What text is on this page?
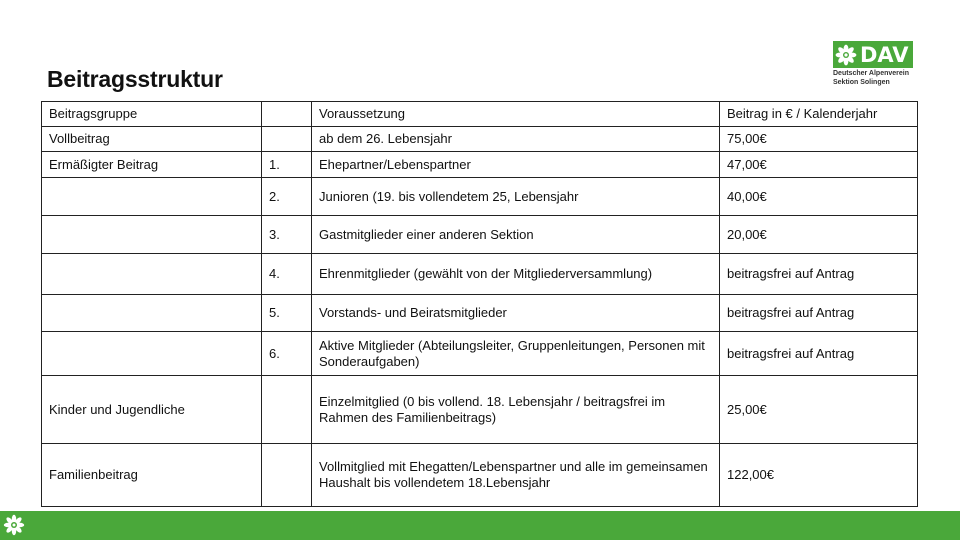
Beitragsstruktur
DAV
Deutscher Alpenverein
Sektion Solingen
Beitragsgruppe		Voraussetzung	Beitrag in € / Kalenderjahr
Vollbeitrag		ab dem 26. Lebensjahr	75,00€
Ermäßigter Beitrag	1.	Ehepartner/Lebenspartner	47,00€
	2.	Junioren (19. bis vollendetem 25, Lebensjahr	40,00€
	3.	Gastmitglieder einer anderen Sektion	20,00€
	4.	Ehrenmitglieder (gewählt von der Mitgliederversammlung)	beitragsfrei auf Antrag
	5.	Vorstands- und Beiratsmitglieder	beitragsfrei auf Antrag
	6.	Aktive Mitglieder (Abteilungsleiter, Gruppenleitungen, Personen mit Sonderaufgaben)	beitragsfrei auf Antrag
Kinder und Jugendliche		Einzelmitglied (0 bis vollend. 18. Lebensjahr / beitragsfrei im Rahmen des Familienbeitrags)	25,00€
Familienbeitrag		Vollmitglied mit Ehegatten/Lebenspartner und alle im gemeinsamen Haushalt bis vollendetem 18.Lebensjahr	122,00€
